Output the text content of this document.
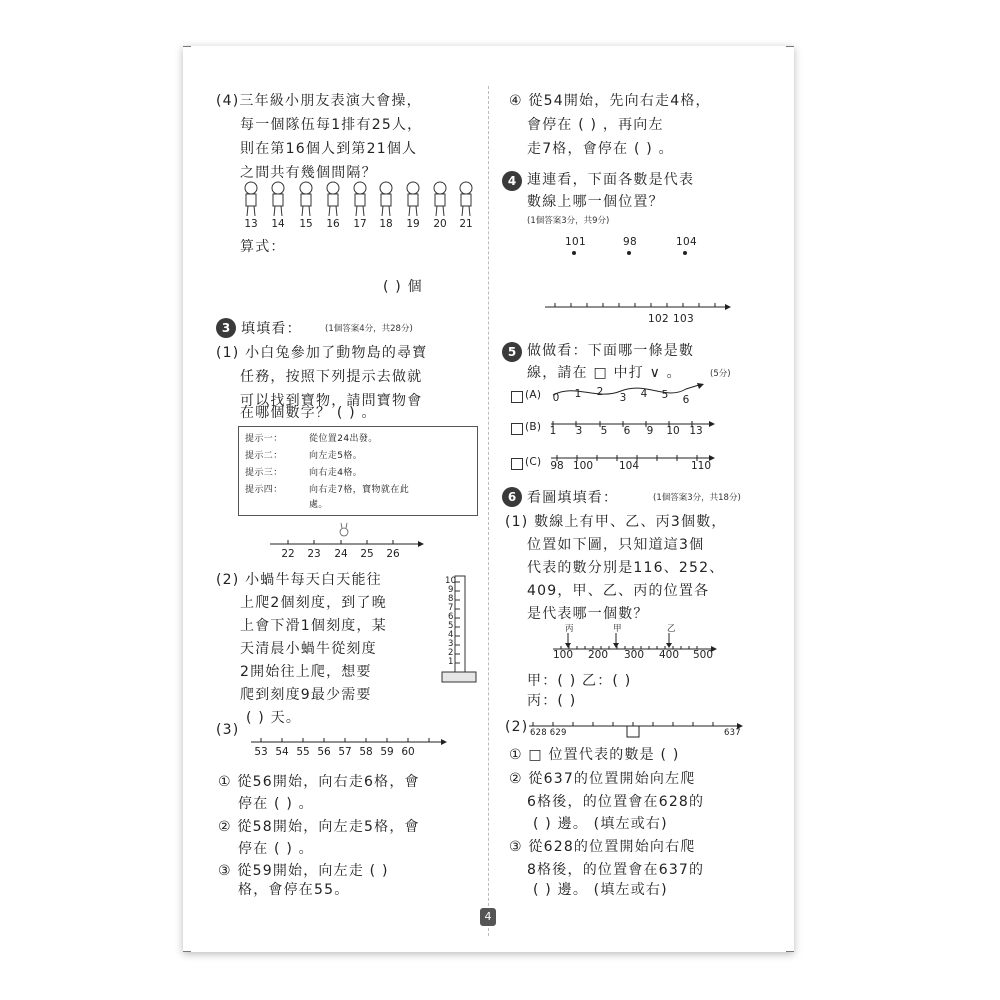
(4)三年級小朋友表演大會操，
每一個隊伍每1排有25人，
則在第16個人到第21個人
之間共有幾個間隔？
13 14 15 16 17 18 19 20 21
算式：
( ) 個
3 填填看：	(1個答案4分，共28分)
(1) 小白兔參加了動物島的尋寶
任務，按照下列提示去做就
可以找到寶物，請問寶物會
在哪個數字？ ( ) 。
提示一：	從位置24出發。
提示二：	向左走5格。
提示三：	向右走4格。
提示四：	向右走7格，寶物就在此
處。
22 23 24 25 26
(2) 小蝸牛每天白天能往
上爬2個刻度，到了晚
上會下滑1個刻度，某
天清晨小蝸牛從刻度
2開始往上爬，想要
爬到刻度9最少需要
( ) 天。
10
9
8
7
6
5
4
3
2
1
(3)
53 54 55 56 57 58 59 60
① 從56開始，向右走6格，會
停在 ( ) 。
② 從58開始，向左走5格，會
停在 ( ) 。
③ 從59開始，向左走 ( )
格，會停在55。
④ 從54開始，先向右走4格，
會停在 ( ) ，再向左
走7格，會停在 ( ) 。
4 連連看，下面各數是代表
數線上哪一個位置？
(1個答案3分，共9分)
101	98	104
102 103
5 做做看：下面哪一條是數
線，請在 □ 中打 ∨ 。	(5分)
(A) 0 1 2 3 4 5 6
(B) 1 3 5 6 9 10 13
(C) 98 100 104	110
6 看圖填填看：	(1個答案3分，共18分)
(1) 數線上有甲、乙、丙3個數，
位置如下圖，只知道這3個
代表的數分別是116、252、
409，甲、乙、丙的位置各
是代表哪一個數？
丙	甲	乙
100 200 300 400 500
甲：( ) 乙：( )
丙：( )
(2) 628 629	637
① □ 位置代表的數是 ( )
② 從637的位置開始向左爬
6格後，的位置會在628的
( ) 邊。 (填左或右)
③ 從628的位置開始向右爬
8格後，的位置會在637的
( ) 邊。 (填左或右)
4
